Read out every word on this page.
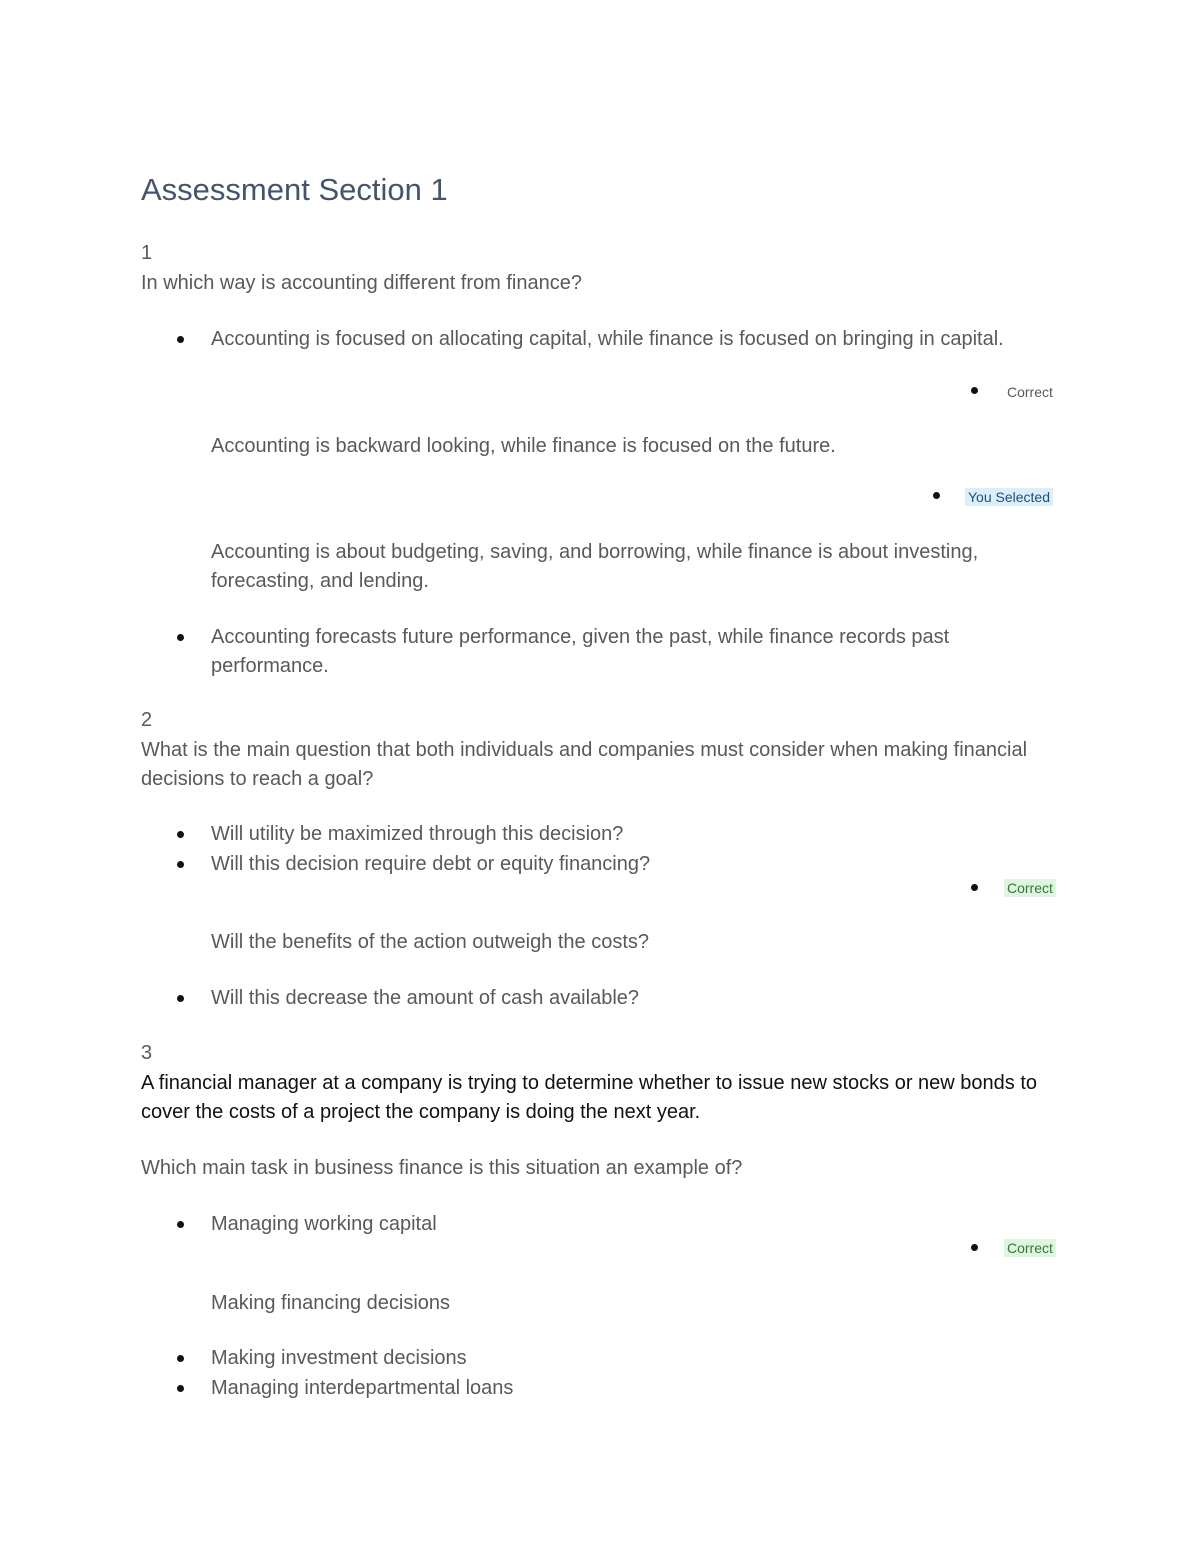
Assessment Section 1
1
In which way is accounting different from finance?
Accounting is focused on allocating capital, while finance is focused on bringing in capital.
Correct
Accounting is backward looking, while finance is focused on the future.
You Selected
Accounting is about budgeting, saving, and borrowing, while finance is about investing, forecasting, and lending.
Accounting forecasts future performance, given the past, while finance records past performance.
2
What is the main question that both individuals and companies must consider when making financial decisions to reach a goal?
Will utility be maximized through this decision?
Will this decision require debt or equity financing?
Correct
Will the benefits of the action outweigh the costs?
Will this decrease the amount of cash available?
3
A financial manager at a company is trying to determine whether to issue new stocks or new bonds to cover the costs of a project the company is doing the next year.
Which main task in business finance is this situation an example of?
Managing working capital
Correct
Making financing decisions
Making investment decisions
Managing interdepartmental loans
